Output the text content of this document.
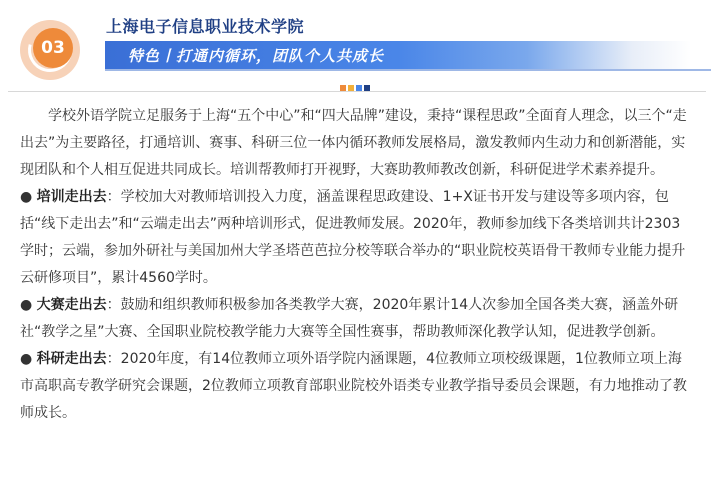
03
上海电子信息职业技术学院
特色丨打通内循环，团队个人共成长

学校外语学院立足服务于上海“五个中心”和“四大品牌”建设，秉持“课程思政”全面育人理念，以三个“走出去”为主要路径，打通培训、赛事、科研三位一体内循环教师发展格局，激发教师内生动力和创新潜能，实现团队和个人相互促进共同成长。培训帮教师打开视野，大赛助教师教改创新，科研促进学术素养提升。

● 培训走出去：学校加大对教师培训投入力度，涵盖课程思政建设、1+X证书开发与建设等多项内容，包括“线下走出去”和“云端走出去”两种培训形式，促进教师发展。2020年，教师参加线下各类培训共计2303学时；云端，参加外研社与美国加州大学圣塔芭芭拉分校等联合举办的“职业院校英语骨干教师专业能力提升云研修项目”，累计4560学时。

● 大赛走出去：鼓励和组织教师积极参加各类教学大赛，2020年累计14人次参加全国各类大赛，涵盖外研社“教学之星”大赛、全国职业院校教学能力大赛等全国性赛事，帮助教师深化教学认知，促进教学创新。

● 科研走出去：2020年度，有14位教师立项外语学院内涵课题，4位教师立项校级课题，1位教师立项上海市高职高专教学研究会课题，2位教师立项教育部职业院校外语类专业教学指导委员会课题，有力地推动了教师成长。
